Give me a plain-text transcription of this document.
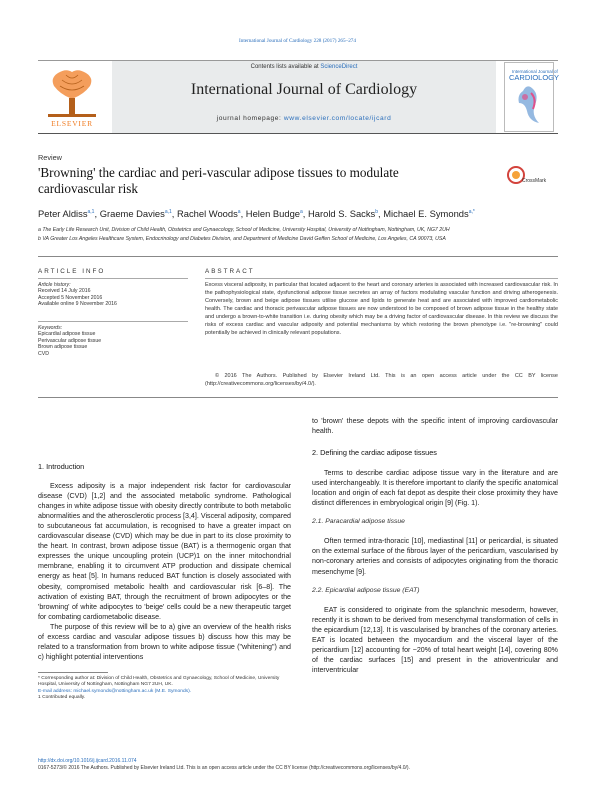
International Journal of Cardiology 228 (2017) 265–274
ELSEVIER
Contents lists available at ScienceDirect
International Journal of Cardiology
journal homepage: www.elsevier.com/locate/ijcard
International Journal of
CARDIOLOGY
Review
'Browning' the cardiac and peri-vascular adipose tissues to modulate cardiovascular risk	CrossMark
Peter Aldiss$^{a,1}$, Graeme Davies$^{a,1}$, Rachel Woods$^a$, Helen Budge$^a$, Harold S. Sacks$^b$, Michael E. Symonds$^{a,*}$
a The Early Life Research Unit, Division of Child Health, Obstetrics and Gynaecology, School of Medicine, University Hospital, University of Nottingham, Nottingham, UK, NG7 2UH
b VA Greater Los Angeles Healthcare System, Endocrinology and Diabetes Division, and Department of Medicine David Geffen School of Medicine, Los Angeles, CA 90073, USA
ARTICLE INFO
Article history:
Received 14 July 2016
Accepted 5 November 2016
Available online 9 November 2016
Keywords:
Epicardial adipose tissue
Perivascular adipose tissue
Brown adipose tissue
CVD
ABSTRACT
Excess visceral adiposity, in particular that located adjacent to the heart and coronary arteries is associated with increased cardiovascular risk. In the pathophysiological state, dysfunctional adipose tissue secretes an array of factors modulating vascular function and driving atherogenesis. Conversely, brown and beige adipose tissues utilise glucose and lipids to generate heat and are associated with improved cardiometabolic health. The cardiac and thoracic perivascular adipose tissues are now understood to be composed of brown adipose tissue in the healthy state and undergo a brown-to-white transition i.e. during obesity which may be a driving factor of cardiovascular disease. In this review we discuss the risks of excess cardiac and vascular adiposity and potential mechanisms by which restoring the brown phenotype i.e. "re-browning" could potentially be achieved in clinically relevant populations.
© 2016 The Authors. Published by Elsevier Ireland Ltd. This is an open access article under the CC BY license (http://creativecommons.org/licenses/by/4.0/).
1. Introduction

Excess adiposity is a major independent risk factor for cardiovascular disease (CVD) [1,2] and the associated metabolic syndrome. Pathological changes in white adipose tissue with obesity directly contribute to both metabolic abnormalities and the atherosclerotic process [3,4]. Visceral adiposity, compared to subcutaneous fat accumulation, is recognised to have a greater impact on cardiovascular disease (CVD) which may be due in part to its close proximity to the heart. In contrast, brown adipose tissue (BAT) is a thermogenic organ that expresses the unique uncoupling protein (UCP)1 on the inner mitochondrial membrane, enabling it to circumvent ATP production and dissipate chemical energy as heat [5]. In humans reduced BAT function is closely associated with obesity, compromised metabolic health and cardiovascular risk [6–8]. The activation of existing BAT, through the recruitment of brown adipocytes or the 'browning' of white adipocytes to 'beige' cells could be a new therapeutic target for combating cardiometabolic disease.

The purpose of this review will be to a) give an overview of the health risks of excess cardiac and vascular adipose tissues b) discuss how this may be related to a transformation from brown to white adipose tissue ("whitening") and c) highlight potential interventions

to 'brown' these depots with the specific intent of improving cardiovascular health.

2. Defining the cardiac adipose tissues

Terms to describe cardiac adipose tissue vary in the literature and are used interchangeably. It is therefore important to clarify the specific anatomical location and origin of each fat depot as despite their close proximity they have distinct differences in embryological origin [9] (Fig. 1).

2.1. Paracardial adipose tissue

Often termed intra-thoracic [10], mediastinal [11] or pericardial, is situated on the external surface of the fibrous layer of the pericardium, vascularised by non-coronary arteries and consists of adipocytes originating from the thoracic mesenchyme [9].

2.2. Epicardial adipose tissue (EAT)

EAT is considered to originate from the splanchnic mesoderm, however, recently it is shown to be derived from mesenchymal transformation of cells in the epicardium [12,13]. It is vascularised by branches of the coronary arteries. EAT is located between the myocardium and the visceral layer of the pericardium [12] accounting for ~20% of total heart weight [14], covering 80% of the cardiac surfaces [15] and present in the atrioventricular and interventricular

* Corresponding author at: Division of Child Health, Obstetrics and Gynaecology, School of Medicine, University Hospital, University of Nottingham, Nottingham NG7 2UH, UK.
E-mail address: michael.symonds@nottingham.ac.uk (M.E. Symonds).
1 Contributed equally.
http://dx.doi.org/10.1016/j.ijcard.2016.11.074
0167-5273/© 2016 The Authors. Published by Elsevier Ireland Ltd. This is an open access article under the CC BY license (http://creativecommons.org/licenses/by/4.0/).
